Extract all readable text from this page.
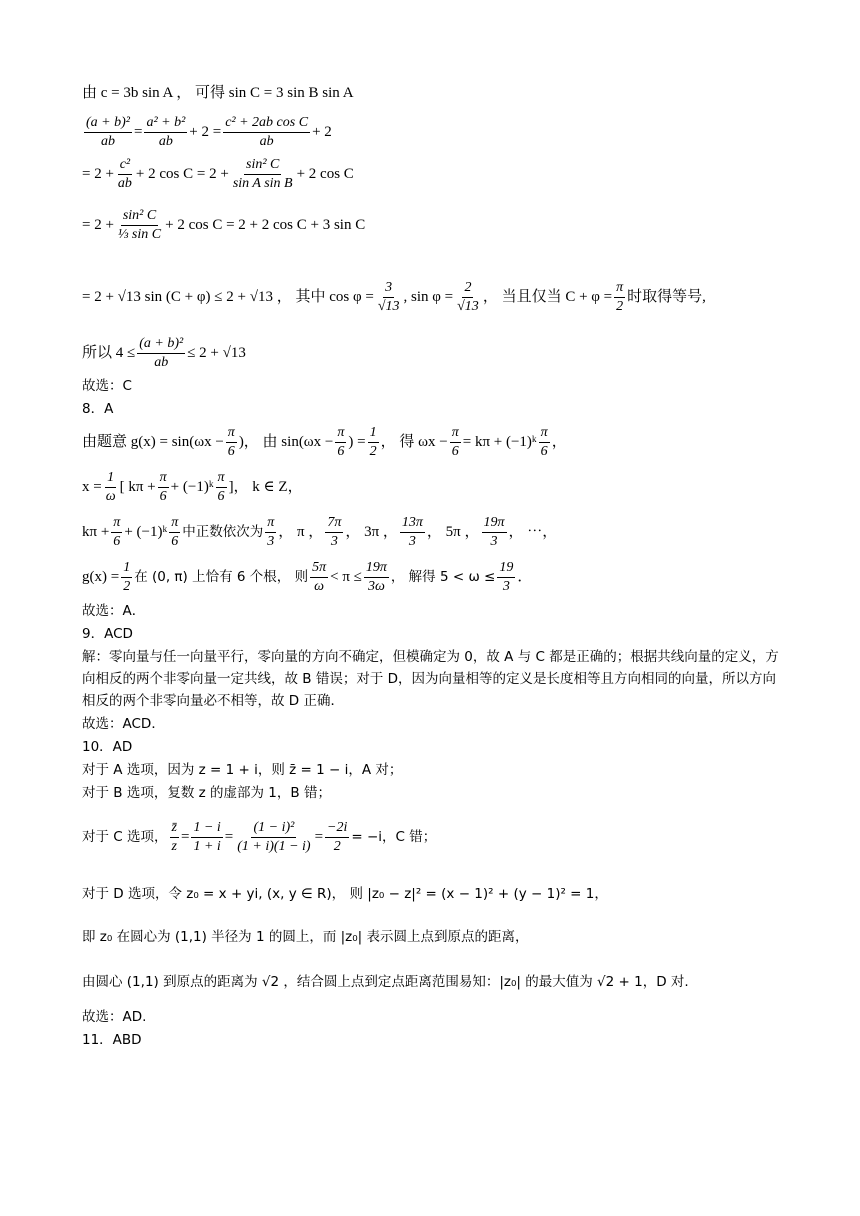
由 c = 3b sin A ， 可得 sin C = 3 sin B sin A
$\frac{\text{(a + b)²}}{ab} = \frac{\text{a² + b²}}{ab} + 2 = \frac{\text{c² + 2ab cos C}}{ab} + 2$
= $2 + \frac{\text{c²}}{ab} + 2$ $\cos C = 2 + \frac{\text{sin² C}}{\text{sin A sin B}} + 2$ cos C
= $2 + \frac{\text{sin² C}}{\text{⅓ sin C}} + 2$ cos C = 2 + 2 cos C + 3 sin C
= 2 + √13 sin (C + φ) ≤ 2 + √13 ， 其中 $\cos \varphi = \frac{3}{√13}$ , $\sin \varphi = \frac{2}{√13}$ ， 当且仅当 $C + \varphi = \frac{\pi}{2}$ 时取得等号,
所以 $4 \le \frac{\text{(a + b)²}}{ab} \le 2 + √13$
故选：C
8．A
由题意 $g(x) = \sin(\omega x - \frac{\pi}{6}$ )， 由 $\sin(\omega x - \frac{\pi}{6}$ ) = $\frac{1}{2}$ ， 得 $\omega x - \frac{\pi}{6} = k\pi$ + (−1)ᵏ $\frac{\pi}{6}$ ，
$x = \frac{1}{\omega}$ [ $k\pi + \frac{\pi}{6}$ + (−1)ᵏ $\frac{\pi}{6}$ ]， k ∈ Z，
$k\pi + \frac{\pi}{6}$ + (−1)ᵏ $\frac{\pi}{6}$ 中正数依次为 $\frac{\pi}{3}$ ， π ， $\frac{7\pi}{3}$ ， 3π ， $\frac{13\pi}{3}$ ， 5π ， $\frac{19\pi}{3}$ ， ⋯，
$g(x) = \frac{1}{2}$ 在 (0, π) 上恰有 6 个根， 则 $\frac{5\pi}{\omega} < \pi \le \frac{19\pi}{3\omega}$ ， 解得 $5 < \omega \le \frac{19}{3}$ ．
故选：A．
9．ACD
解：零向量与任一向量平行，零向量的方向不确定，但模确定为 0，故 A 与 C 都是正确的；根据共线向量的定义，方向相反的两个非零向量一定共线，故 B 错误；对于 D，因为向量相等的定义是长度相等且方向相同的向量，所以方向相反的两个非零向量必不相等，故 D 正确．
故选：ACD．
10．AD
对于 A 选项，因为 z = 1 + i，则 z̄ = 1 − i，A 对；
对于 B 选项，复数 z 的虚部为 1，B 错；
对于 C 选项， $\frac{z̄}{z} = \frac{1 - i}{1 + i} = \frac{\text{(1 − i)²}}{(1 + i)(1 - i)} = \frac{-2i}{2} = -i$，C 错；
对于 D 选项，令 z₀ = x + yi, (x, y ∈ R)， 则 |z₀ − z|² = (x − 1)² + (y − 1)² = 1，
即 z₀ 在圆心为 (1,1) 半径为 1 的圆上，而 |z₀| 表示圆上点到原点的距离，
由圆心 (1,1) 到原点的距离为 √2 ，结合圆上点到定点距离范围易知：|z₀| 的最大值为 √2 + 1，D 对.
故选：AD.
11．ABD
